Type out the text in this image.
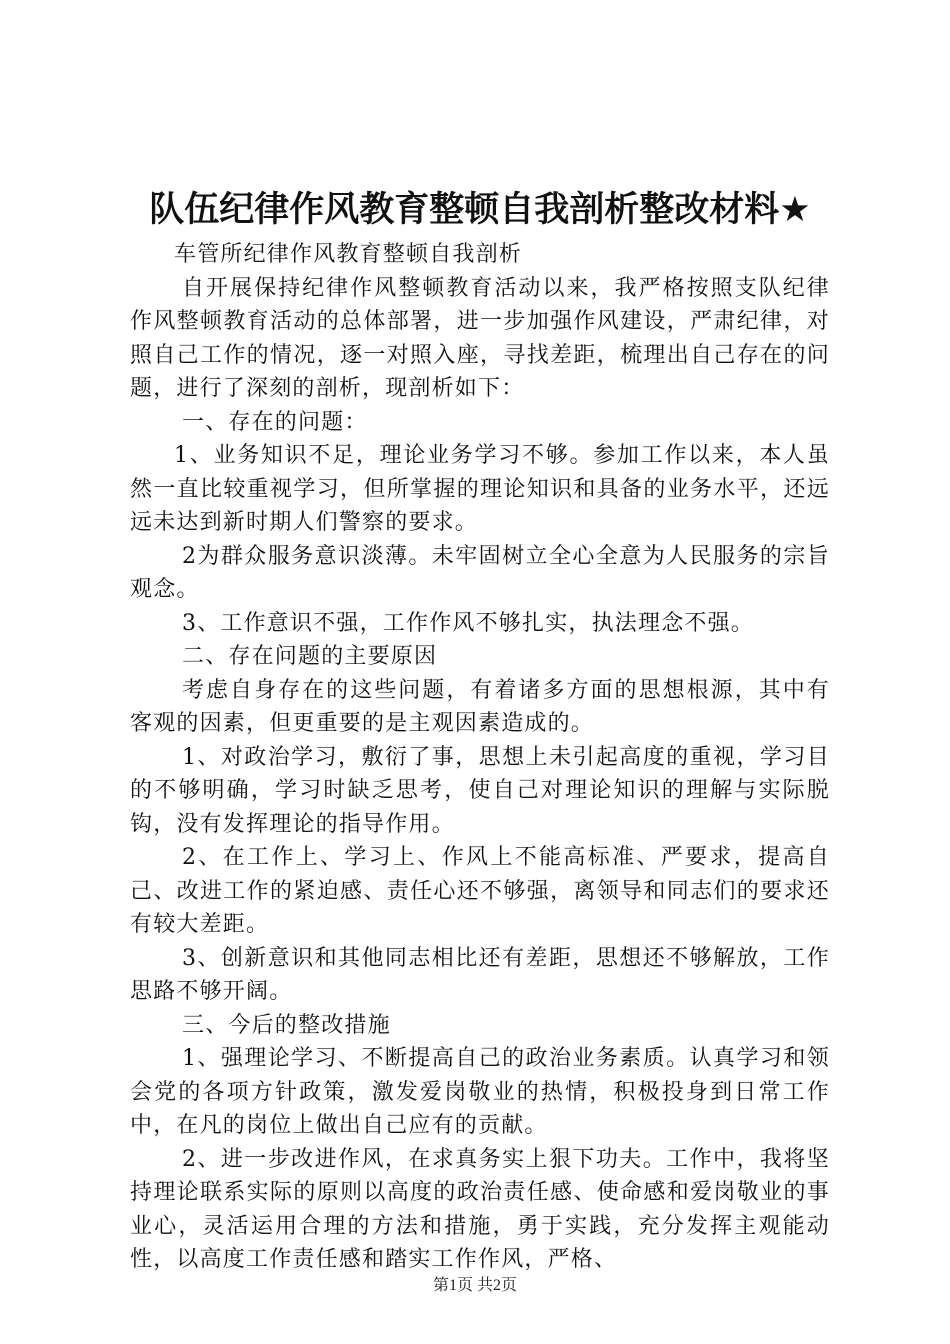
队伍纪律作风教育整顿自我剖析整改材料★

车管所纪律作风教育整顿自我剖析

自开展保持纪律作风整顿教育活动以来，我严格按照支队纪律作风整顿教育活动的总体部署，进一步加强作风建设，严肃纪律，对照自己工作的情况，逐一对照入座，寻找差距，梳理出自己存在的问题，进行了深刻的剖析，现剖析如下：

一、存在的问题：

1、业务知识不足，理论业务学习不够。参加工作以来，本人虽然一直比较重视学习，但所掌握的理论知识和具备的业务水平，还远远未达到新时期人们警察的要求。

2为群众服务意识淡薄。未牢固树立全心全意为人民服务的宗旨观念。

3、工作意识不强，工作作风不够扎实，执法理念不强。

二、存在问题的主要原因

考虑自身存在的这些问题，有着诸多方面的思想根源，其中有客观的因素，但更重要的是主观因素造成的。

1、对政治学习，敷衍了事，思想上未引起高度的重视，学习目的不够明确，学习时缺乏思考，使自己对理论知识的理解与实际脱钩，没有发挥理论的指导作用。

2、在工作上、学习上、作风上不能高标准、严要求，提高自己、改进工作的紧迫感、责任心还不够强，离领导和同志们的要求还有较大差距。

3、创新意识和其他同志相比还有差距，思想还不够解放，工作思路不够开阔。

三、今后的整改措施

1、强理论学习、不断提高自己的政治业务素质。认真学习和领会党的各项方针政策，激发爱岗敬业的热情，积极投身到日常工作中，在凡的岗位上做出自己应有的贡献。

2、进一步改进作风，在求真务实上狠下功夫。工作中，我将坚持理论联系实际的原则以高度的政治责任感、使命感和爱岗敬业的事业心，灵活运用合理的方法和措施，勇于实践，充分发挥主观能动性，以高度工作责任感和踏实工作作风，严格、

第1页 共2页
